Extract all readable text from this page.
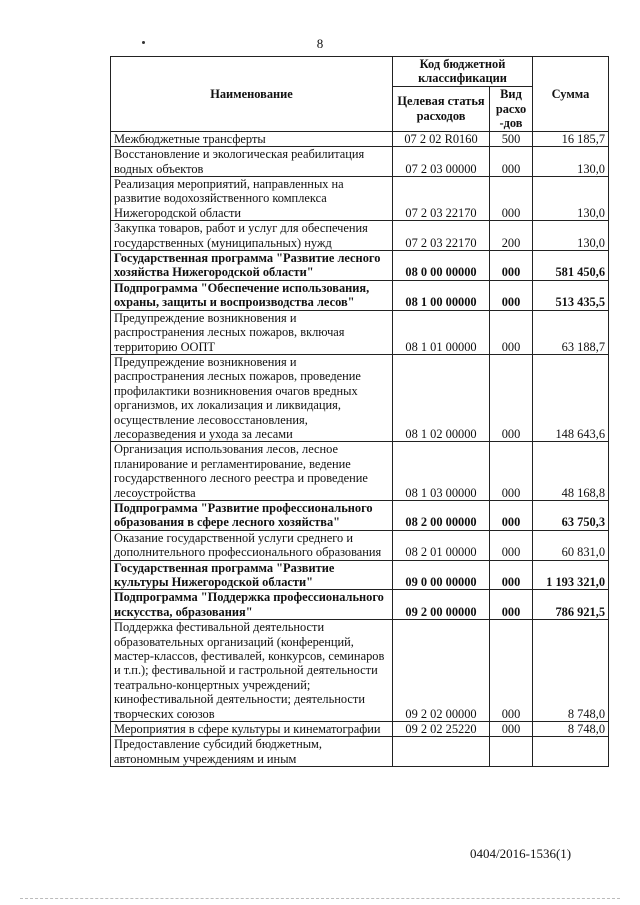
8
Наименование	Код бюджетной классификации		Сумма
	Целевая статья расходов	Вид расхо -дов	
Межбюджетные трансферты	07 2 02 R0160	500	16 185,7
Восстановление и экологическая реабилитация водных объектов	07 2 03 00000	000	130,0
Реализация мероприятий, направленных на развитие водохозяйственного комплекса Нижегородской области	07 2 03 22170	000	130,0
Закупка товаров, работ и услуг для обеспечения государственных (муниципальных) нужд	07 2 03 22170	200	130,0
Государственная программа "Развитие лесного хозяйства Нижегородской области"	08 0 00 00000	000	581 450,6
Подпрограмма "Обеспечение использования, охраны, защиты и воспроизводства лесов"	08 1 00 00000	000	513 435,5
Предупреждение возникновения и распространения лесных пожаров, включая территорию ООПТ	08 1 01 00000	000	63 188,7
Предупреждение возникновения и распространения лесных пожаров, проведение профилактики возникновения очагов вредных организмов, их локализация и ликвидация, осуществление лесовосстановления, лесоразведения и ухода за лесами	08 1 02 00000	000	148 643,6
Организация использования лесов, лесное планирование и регламентирование, ведение государственного лесного реестра и проведение лесоустройства	08 1 03 00000	000	48 168,8
Подпрограмма "Развитие профессионального образования в сфере лесного хозяйства"	08 2 00 00000	000	63 750,3
Оказание государственной услуги среднего и дополнительного профессионального образования	08 2 01 00000	000	60 831,0
Государственная программа "Развитие культуры Нижегородской области"	09 0 00 00000	000	1 193 321,0
Подпрограмма "Поддержка профессионального искусства, образования"	09 2 00 00000	000	786 921,5
Поддержка фестивальной деятельности образовательных организаций (конференций, мастер-классов, фестивалей, конкурсов, семинаров и т.п.); фестивальной и гастрольной деятельности театрально-концертных учреждений; кинофестивальной деятельности; деятельности творческих союзов	09 2 02 00000	000	8 748,0
Мероприятия в сфере культуры и кинематографии	09 2 02 25220	000	8 748,0
Предоставление субсидий бюджетным, автономным учреждениям и иным			
0404/2016-1536(1)
